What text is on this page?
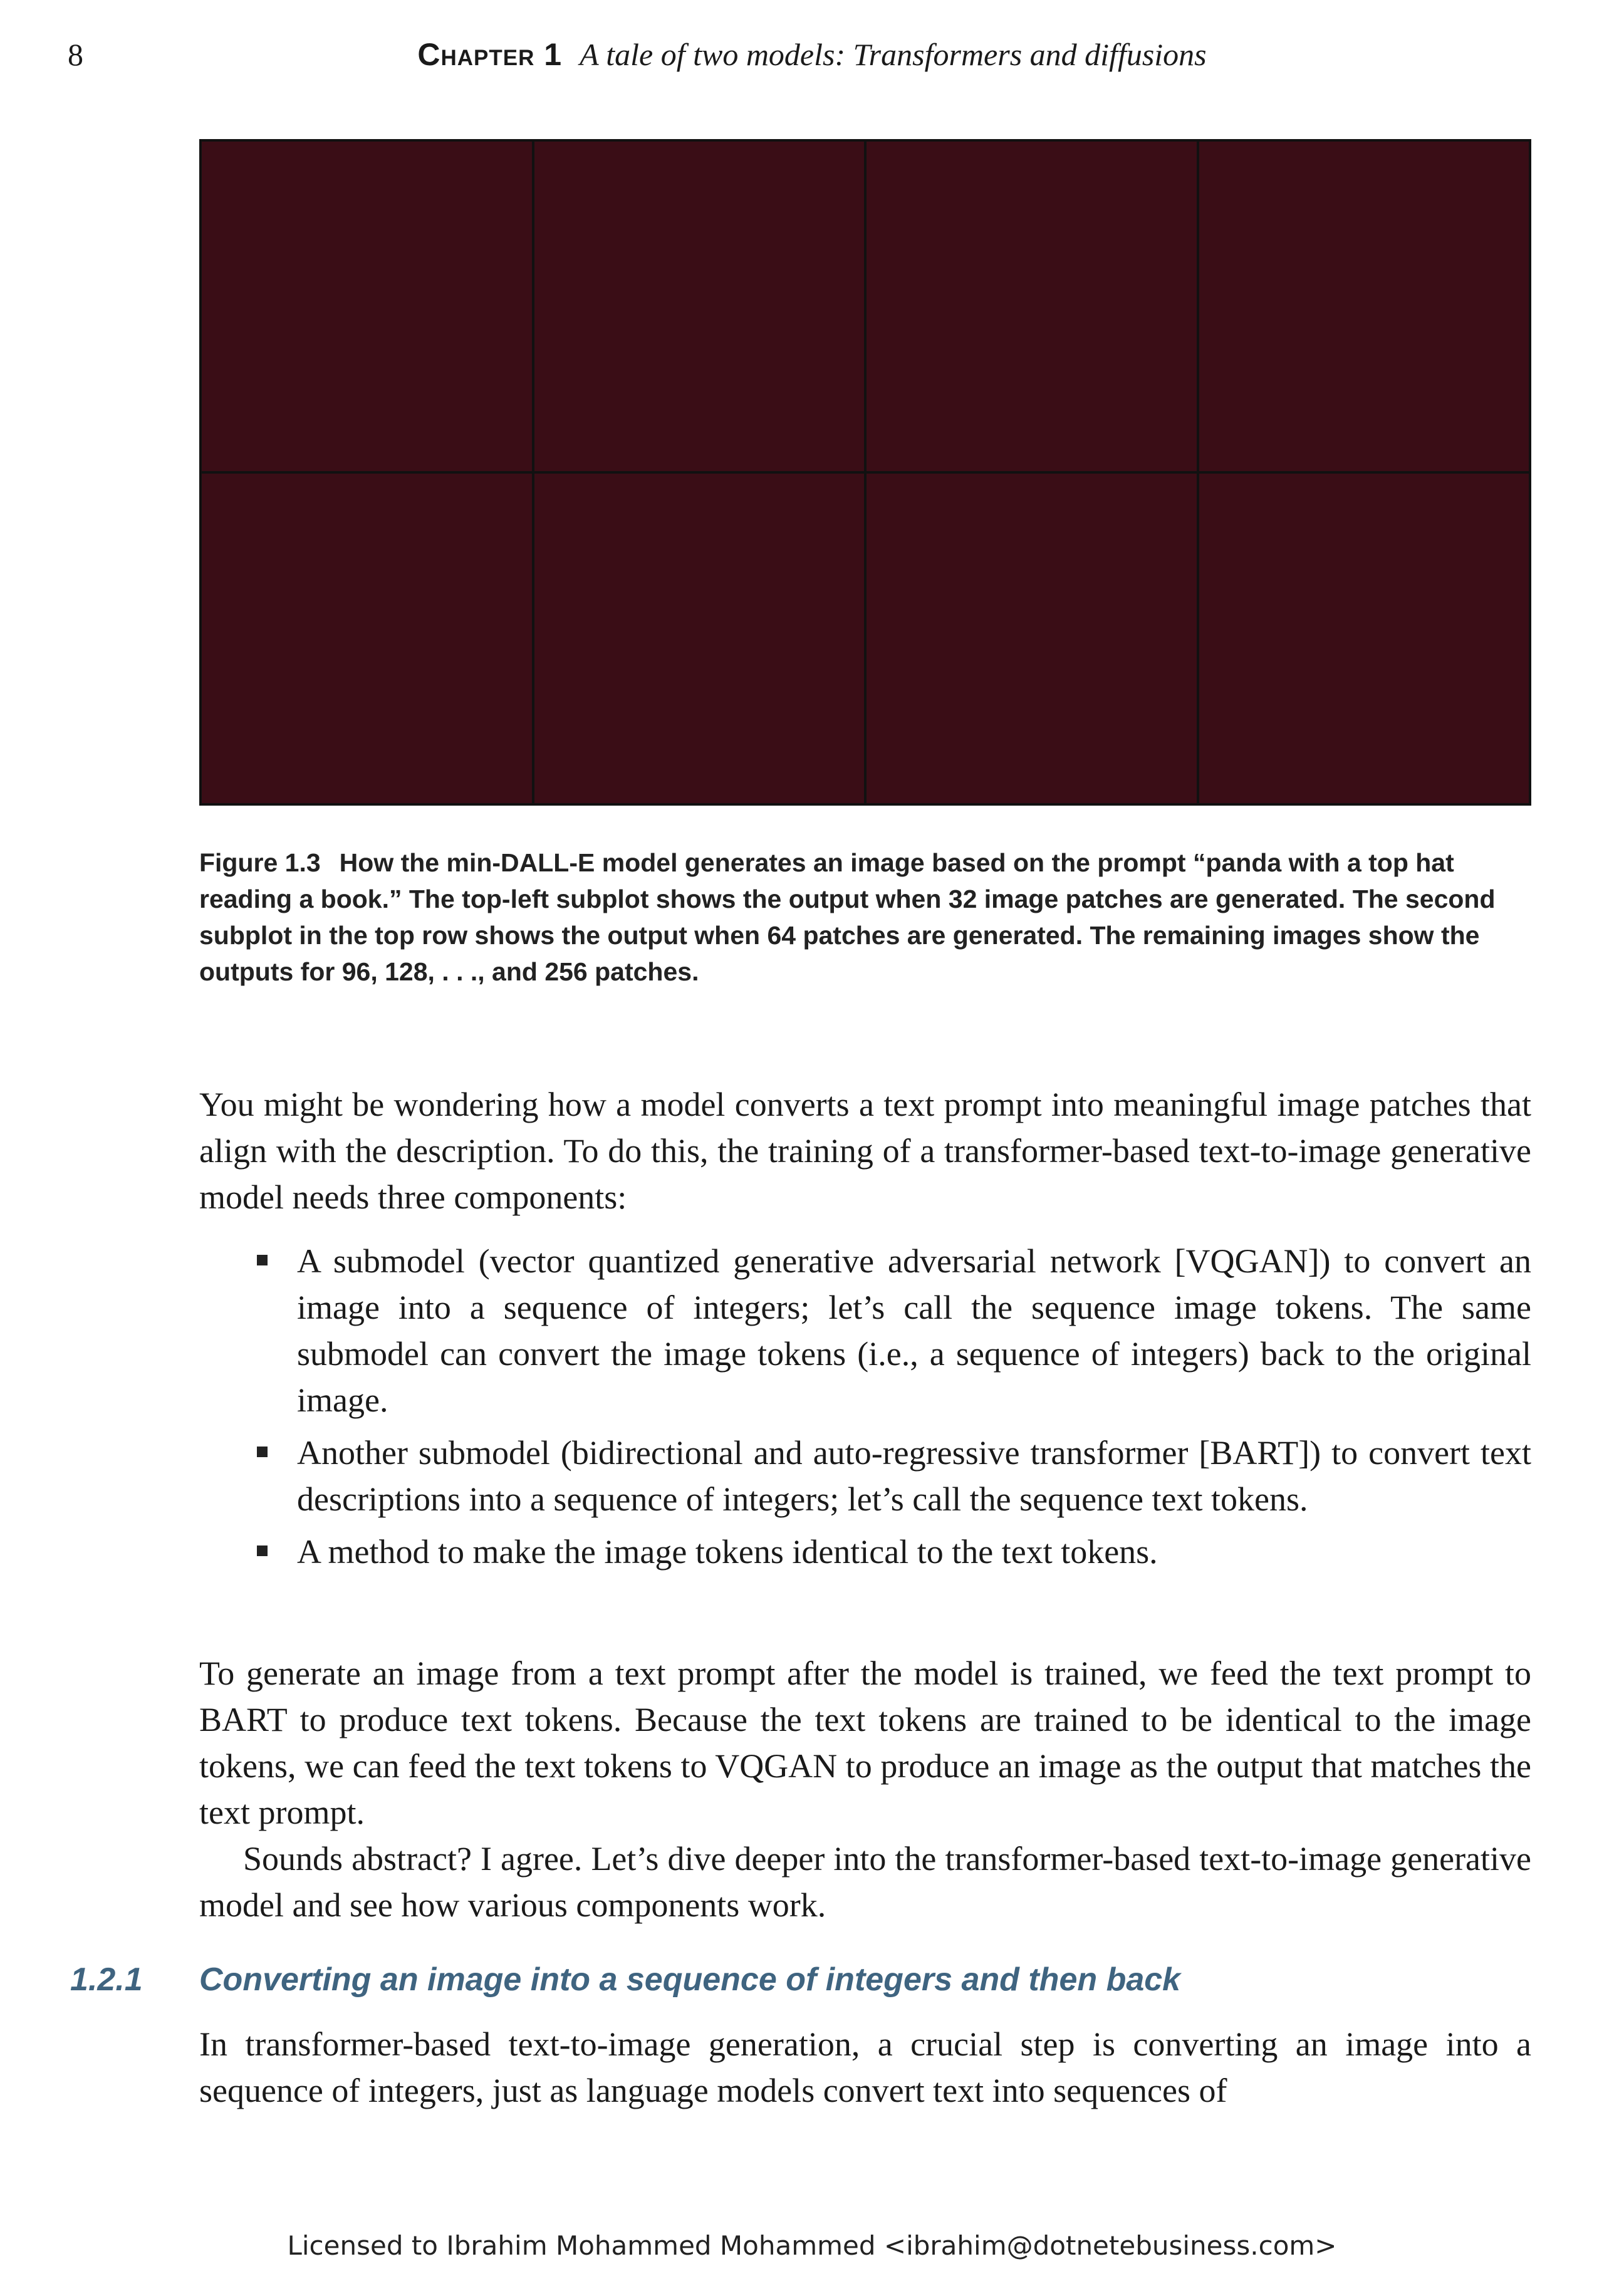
8	Chapter 1 A tale of two models: Transformers and diffusions
Figure 1.3 How the min-DALL-E model generates an image based on the prompt “panda with a top hat reading a book.” The top-left subplot shows the output when 32 image patches are generated. The second subplot in the top row shows the output when 64 patches are generated. The remaining images show the outputs for 96, 128, . . ., and 256 patches.
You might be wondering how a model converts a text prompt into meaningful image patches that align with the description. To do this, the training of a transformer-based text-to-image generative model needs three components:
A submodel (vector quantized generative adversarial network [VQGAN]) to convert an image into a sequence of integers; let’s call the sequence image tokens. The same submodel can convert the image tokens (i.e., a sequence of integers) back to the original image.
Another submodel (bidirectional and auto-regressive transformer [BART]) to convert text descriptions into a sequence of integers; let’s call the sequence text tokens.
A method to make the image tokens identical to the text tokens.
To generate an image from a text prompt after the model is trained, we feed the text prompt to BART to produce text tokens. Because the text tokens are trained to be identical to the image tokens, we can feed the text tokens to VQGAN to produce an image as the output that matches the text prompt.
Sounds abstract? I agree. Let’s dive deeper into the transformer-based text-to-image generative model and see how various components work.
1.2.1 Converting an image into a sequence of integers and then back
In transformer-based text-to-image generation, a crucial step is converting an image into a sequence of integers, just as language models convert text into sequences of
Licensed to Ibrahim Mohammed Mohammed <ibrahim@dotnetebusiness.com>
